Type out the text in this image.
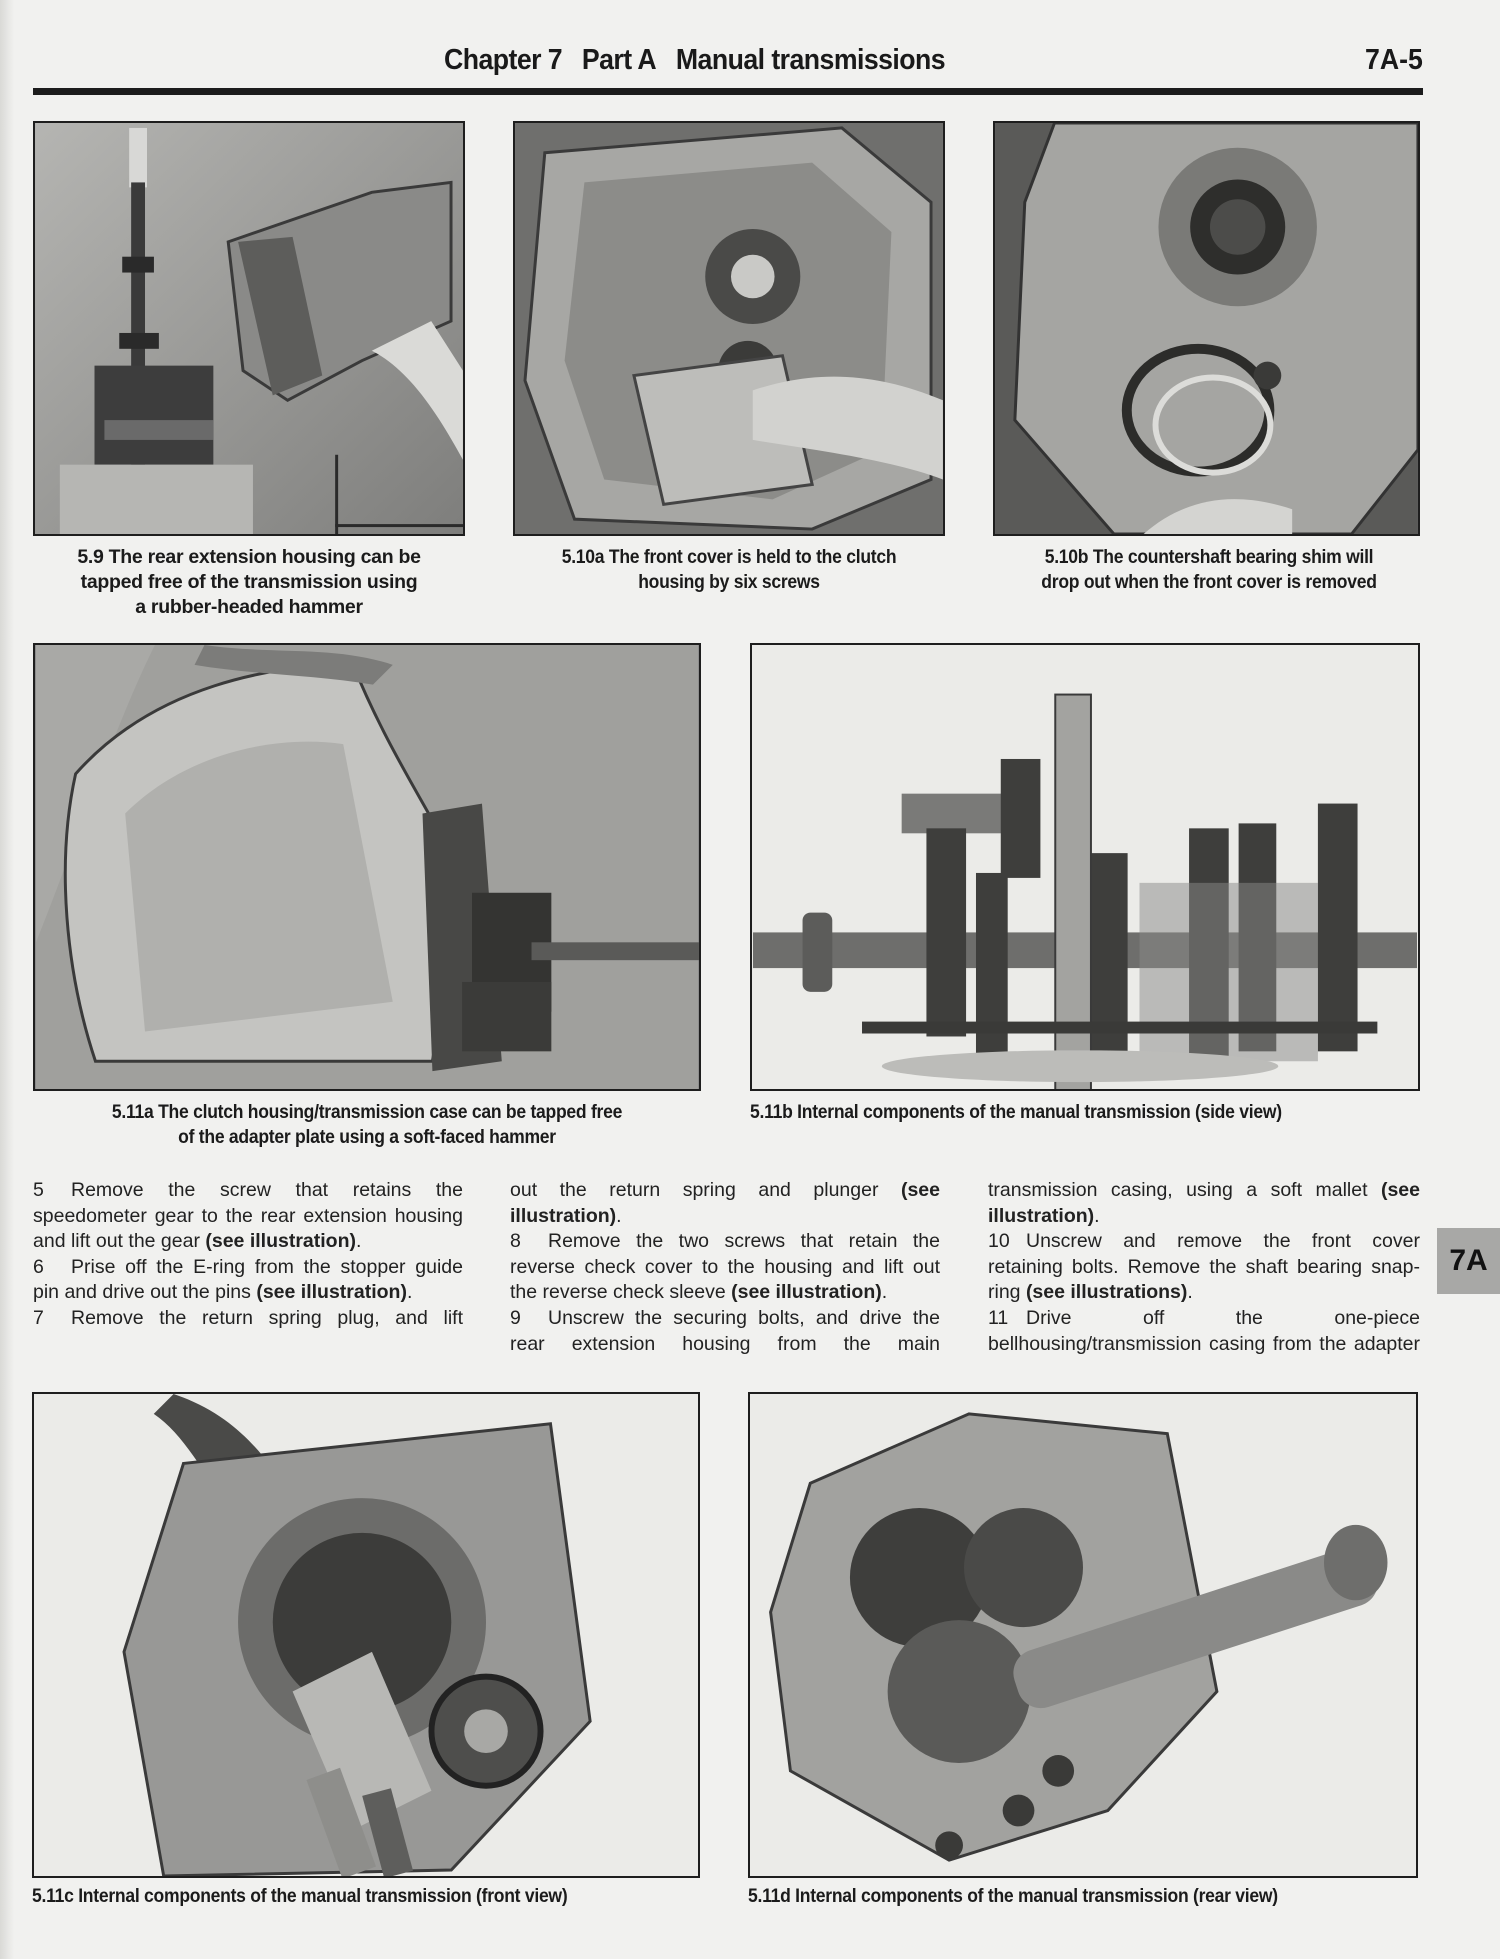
Chapter 7 Part A Manual transmissions	7A-5
5.9 The rear extension housing can be
tapped free of the transmission using
a rubber-headed hammer
5.10a The front cover is held to the clutch
housing by six screws
5.10b The countershaft bearing shim will
drop out when the front cover is removed
5.11a The clutch housing/transmission case can be tapped free
of the adapter plate using a soft-faced hammer
5.11b Internal components of the manual transmission (side view)

5 Remove the screw that retains the speedometer gear to the rear extension housing and lift out the gear (see illustration).

6 Prise off the E-ring from the stopper guide pin and drive out the pins (see illustration).

7 Remove the return spring plug, and lift

out the return spring and plunger (see illustration).

8 Remove the two screws that retain the reverse check cover to the housing and lift out the reverse check sleeve (see illustration).

9 Unscrew the securing bolts, and drive the rear extension housing from the main

transmission casing, using a soft mallet (see illustration).

10 Unscrew and remove the front cover retaining bolts. Remove the shaft bearing snap-ring (see illustrations).

11 Drive off the one-piece bellhousing/transmission casing from the adapter

7A
5.11c Internal components of the manual transmission (front view)	5.11d Internal components of the manual transmission (rear view)
